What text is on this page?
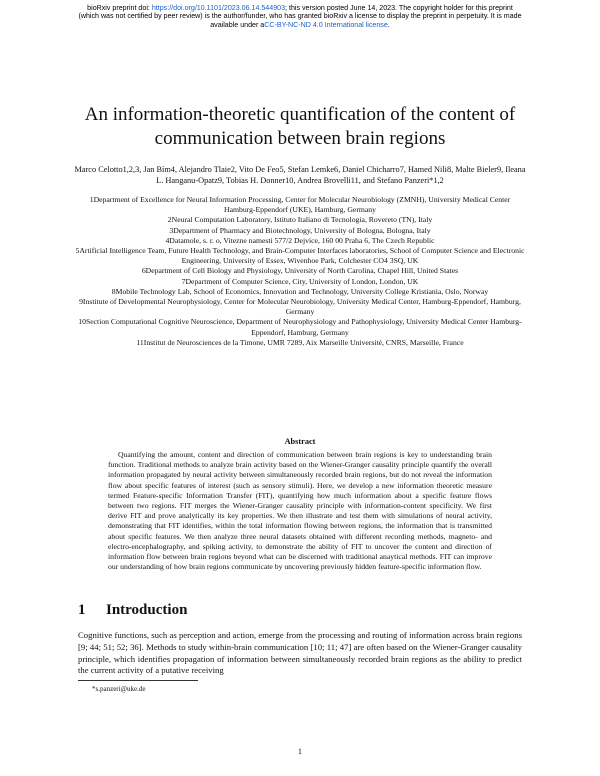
bioRxiv preprint doi: https://doi.org/10.1101/2023.06.14.544903; this version posted June 14, 2023. The copyright holder for this preprint
(which was not certified by peer review) is the author/funder, who has granted bioRxiv a license to display the preprint in perpetuity. It is made
available under aCC-BY-NC-ND 4.0 International license.
An information-theoretic quantification of the content of communication between brain regions
Marco Celotto1,2,3, Jan Bím4, Alejandro Tlaie2, Vito De Feo5, Stefan Lemke6, Daniel Chicharro7, Hamed Nili8, Malte Bieler9, Ileana L. Hanganu-Opatz9, Tobias H. Donner10, Andrea Brovelli11, and Stefano Panzeri*1,2
1Department of Excellence for Neural Information Processing, Center for Molecular Neurobiology (ZMNH), University Medical Center Hamburg-Eppendorf (UKE), Hamburg, Germany
2Neural Computation Laboratory, Istituto Italiano di Tecnologia, Rovereto (TN), Italy
3Department of Pharmacy and Biotechnology, University of Bologna, Bologna, Italy
4Datamole, s. r. o, Vitezne namesti 577/2 Dejvice, 160 00 Praha 6, The Czech Republic
5Artificial Intelligence Team, Future Health Technology, and Brain-Computer Interfaces laboratories, School of Computer Science and Electronic Engineering, University of Essex, Wivenhoe Park, Colchester CO4 3SQ, UK
6Department of Cell Biology and Physiology, University of North Carolina, Chapel Hill, United States
7Department of Computer Science, City, University of London, London, UK
8Mobile Technology Lab, School of Economics, Innovation and Technology, University College Kristiania, Oslo, Norway
9Institute of Developmental Neurophysiology, Center for Molecular Neurobiology, University Medical Center, Hamburg-Eppendorf, Hamburg, Germany
10Section Computational Cognitive Neuroscience, Department of Neurophysiology and Pathophysiology, University Medical Center Hamburg-Eppendorf, Hamburg, Germany
11Institut de Neurosciences de la Timone, UMR 7289, Aix Marseille Université, CNRS, Marseille, France
Abstract

Quantifying the amount, content and direction of communication between brain regions is key to understanding brain function. Traditional methods to analyze brain activity based on the Wiener-Granger causality principle quantify the overall information propagated by neural activity between simultaneously recorded brain regions, but do not reveal the information flow about specific features of interest (such as sensory stimuli). Here, we develop a new information theoretic measure termed Feature-specific Information Transfer (FIT), quantifying how much information about a specific feature flows between two regions. FIT merges the Wiener-Granger causality principle with information-content specificity. We first derive FIT and prove analytically its key properties. We then illustrate and test them with simulations of neural activity, demonstrating that FIT identifies, within the total information flowing between regions, the information that is transmitted about specific features. We then analyze three neural datasets obtained with different recording methods, magneto- and electro-encephalography, and spiking activity, to demonstrate the ability of FIT to uncover the content and direction of information flow between brain regions beyond what can be discerned with traditional anaytical methods. FIT can improve our understanding of how brain regions communicate by uncovering previously hidden feature-specific information flow.

1 Introduction

Cognitive functions, such as perception and action, emerge from the processing and routing of information across brain regions [9; 44; 51; 52; 36]. Methods to study within-brain communication [10; 11; 47] are often based on the Wiener-Granger causality principle, which identifies propagation of information between simultaneously recorded brain regions as the ability to predict the current activity of a putative receiving

*s.panzeri@uke.de
1
